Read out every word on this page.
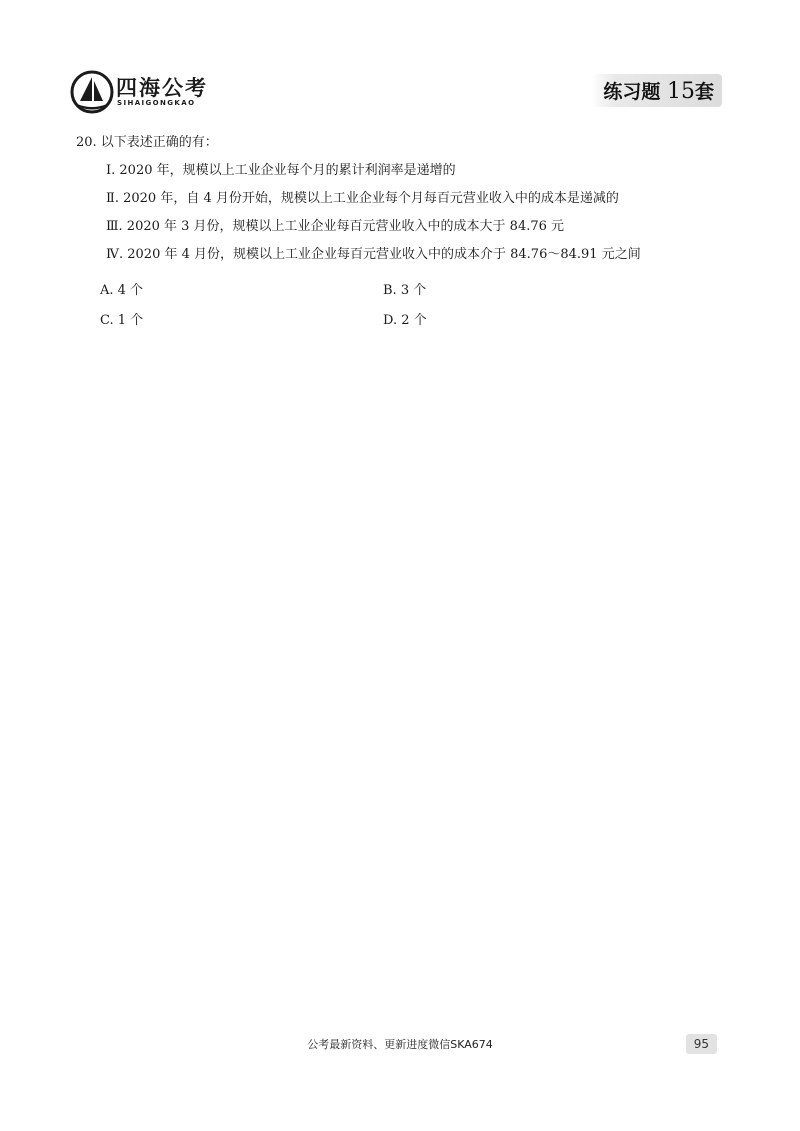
四海公考
SIHAIGONGKAO	练习题 15套
20. 以下表述正确的有：
Ⅰ. 2020 年，规模以上工业企业每个月的累计利润率是递增的
Ⅱ. 2020 年，自 4 月份开始，规模以上工业企业每个月每百元营业收入中的成本是递减的
Ⅲ. 2020 年 3 月份，规模以上工业企业每百元营业收入中的成本大于 84.76 元
Ⅳ. 2020 年 4 月份，规模以上工业企业每百元营业收入中的成本介于 84.76～84.91 元之间
A. 4 个	B. 3 个
C. 1 个	D. 2 个
公考最新资料、更新进度微信SKA674	95
